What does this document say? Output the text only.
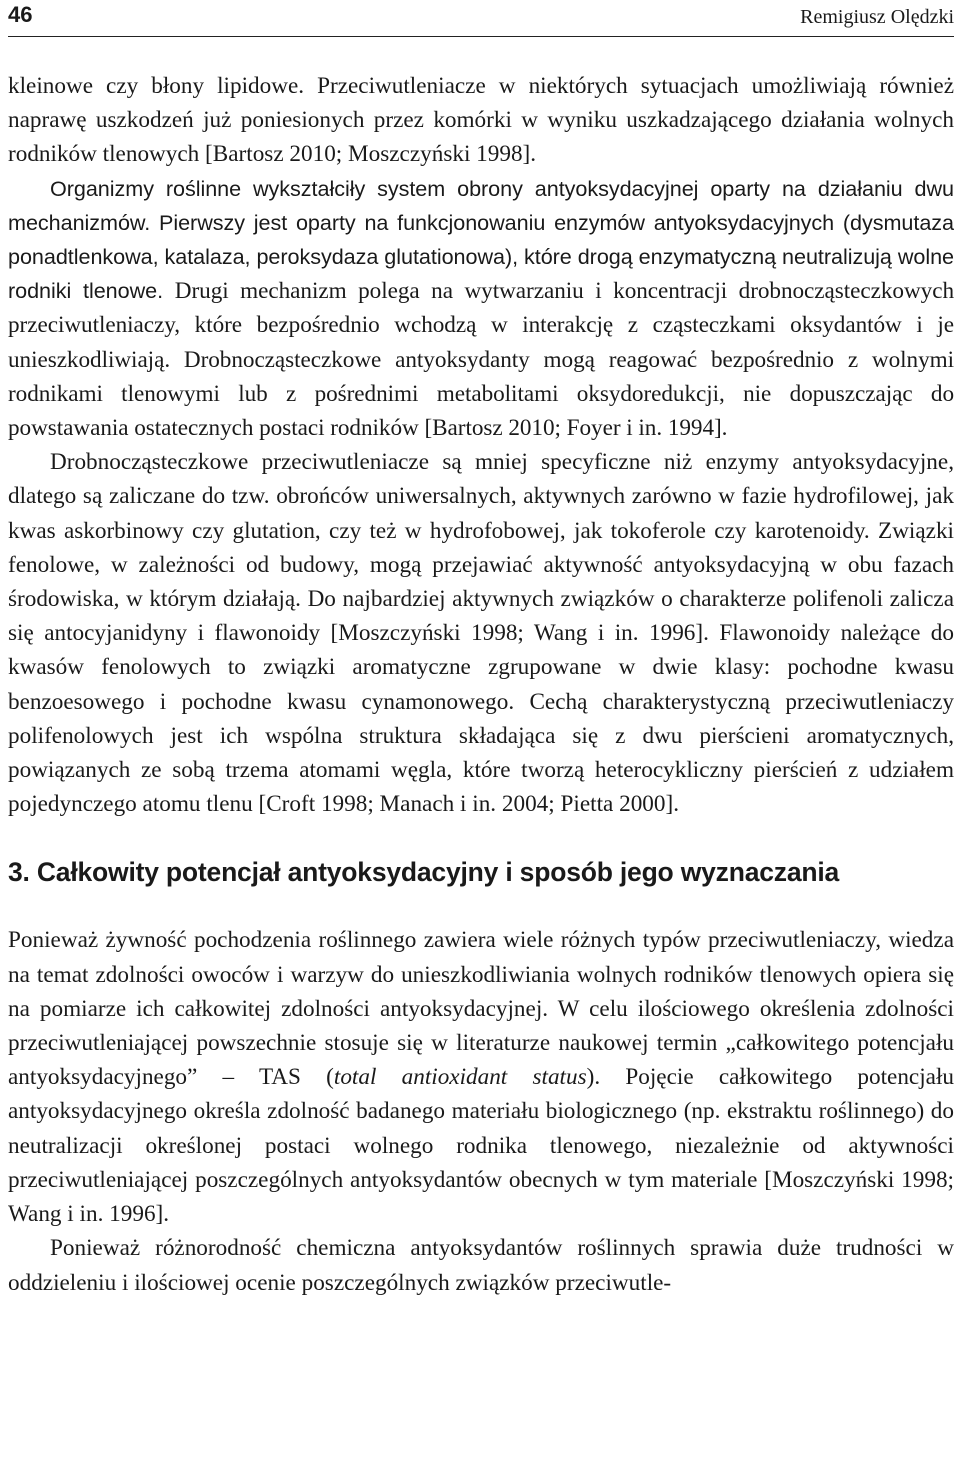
46	Remigiusz Olędzki

kleinowe czy błony lipidowe. Przeciwutleniacze w niektórych sytuacjach umożliwiają również naprawę uszkodzeń już poniesionych przez komórki w wyniku uszkadzającego działania wolnych rodników tlenowych [Bartosz 2010; Moszczyński 1998].

Organizmy roślinne wykształciły system obrony antyoksydacyjnej oparty na działaniu dwu mechanizmów. Pierwszy jest oparty na funkcjonowaniu enzymów antyoksydacyjnych (dysmutaza ponadtlenkowa, katalaza, peroksydaza glutationowa), które drogą enzymatyczną neutralizują wolne rodniki tlenowe. Drugi mechanizm polega na wytwarzaniu i koncentracji drobnocząsteczkowych przeciwutleniaczy, które bezpośrednio wchodzą w interakcję z cząsteczkami oksydantów i je unieszkodliwiają. Drobnocząsteczkowe antyoksydanty mogą reagować bezpośrednio z wolnymi rodnikami tlenowymi lub z pośrednimi metabolitami oksydoredukcji, nie dopuszczając do powstawania ostatecznych postaci rodników [Bartosz 2010; Foyer i in. 1994].

Drobnocząsteczkowe przeciwutleniacze są mniej specyficzne niż enzymy antyoksydacyjne, dlatego są zaliczane do tzw. obrońców uniwersalnych, aktywnych zarówno w fazie hydrofilowej, jak kwas askorbinowy czy glutation, czy też w hydrofobowej, jak tokoferole czy karotenoidy. Związki fenolowe, w zależności od budowy, mogą przejawiać aktywność antyoksydacyjną w obu fazach środowiska, w którym działają. Do najbardziej aktywnych związków o charakterze polifenoli zalicza się antocyjanidyny i flawonoidy [Moszczyński 1998; Wang i in. 1996]. Flawonoidy należące do kwasów fenolowych to związki aromatyczne zgrupowane w dwie klasy: pochodne kwasu benzoesowego i pochodne kwasu cynamonowego. Cechą charakterystyczną przeciwutleniaczy polifenolowych jest ich wspólna struktura składająca się z dwu pierścieni aromatycznych, powiązanych ze sobą trzema atomami węgla, które tworzą heterocykliczny pierścień z udziałem pojedynczego atomu tlenu [Croft 1998; Manach i in. 2004; Pietta 2000].

3. Całkowity potencjał antyoksydacyjny i sposób jego wyznaczania

Ponieważ żywność pochodzenia roślinnego zawiera wiele różnych typów przeciwutleniaczy, wiedza na temat zdolności owoców i warzyw do unieszkodliwiania wolnych rodników tlenowych opiera się na pomiarze ich całkowitej zdolności antyoksydacyjnej. W celu ilościowego określenia zdolności przeciwutleniającej powszechnie stosuje się w literaturze naukowej termin „całkowitego potencjału antyoksydacyjnego” – TAS (total antioxidant status). Pojęcie całkowitego potencjału antyoksydacyjnego określa zdolność badanego materiału biologicznego (np. ekstraktu roślinnego) do neutralizacji określonej postaci wolnego rodnika tlenowego, niezależnie od aktywności przeciwutleniającej poszczególnych antyoksydantów obecnych w tym materiale [Moszczyński 1998; Wang i in. 1996].

Ponieważ różnorodność chemiczna antyoksydantów roślinnych sprawia duże trudności w oddzieleniu i ilościowej ocenie poszczególnych związków przeciwutle-
